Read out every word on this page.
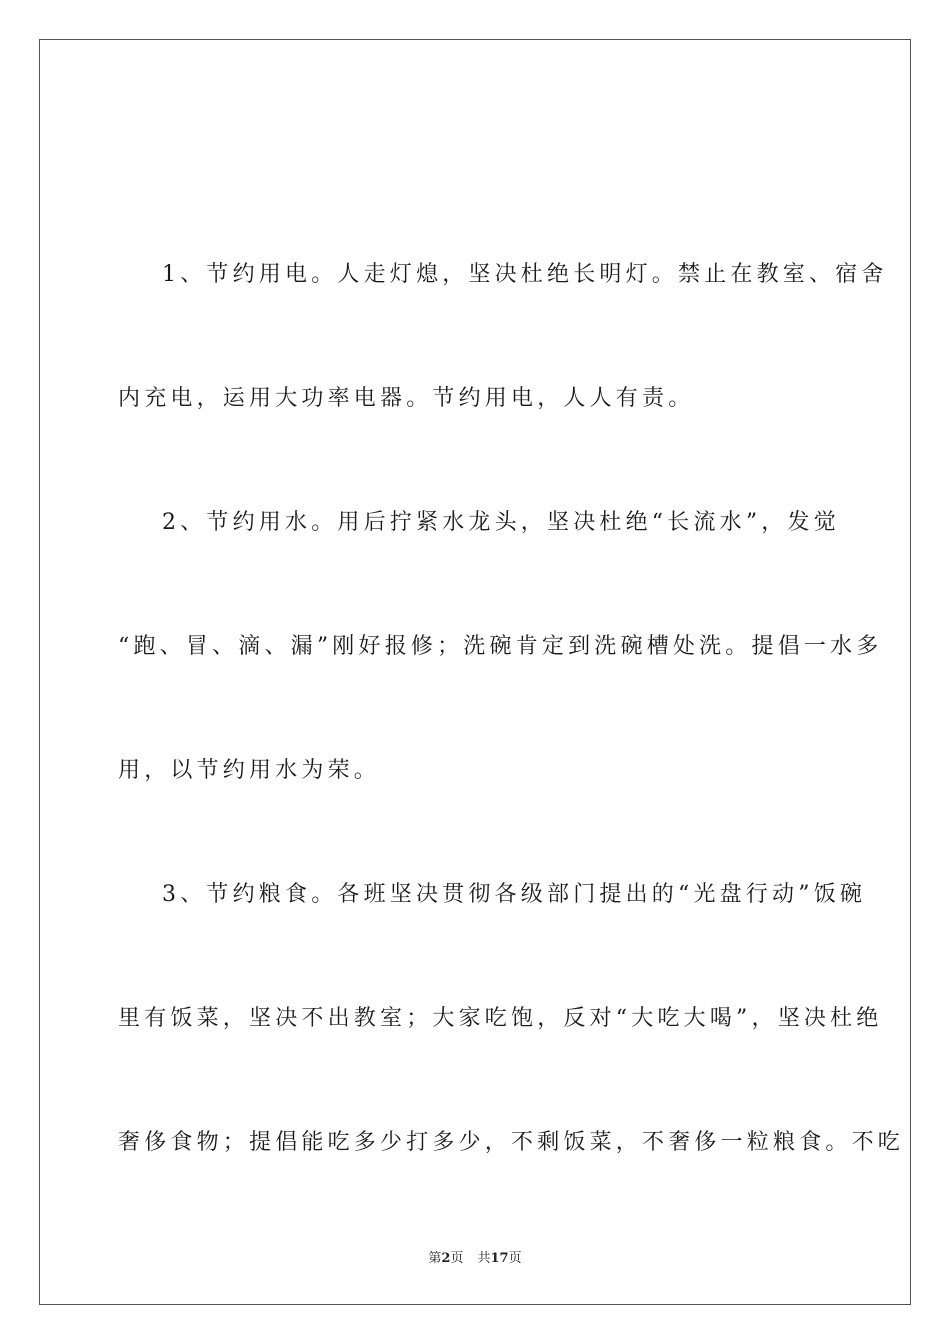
1、节约用电。人走灯熄，坚决杜绝长明灯。禁止在教室、宿舍
内充电，运用大功率电器。节约用电，人人有责。
2、节约用水。用后拧紧水龙头，坚决杜绝“长流水”，发觉
“跑、冒、滴、漏”刚好报修；洗碗肯定到洗碗槽处洗。提倡一水多
用，以节约用水为荣。
3、节约粮食。各班坚决贯彻各级部门提出的“光盘行动”饭碗
里有饭菜，坚决不出教室；大家吃饱，反对“大吃大喝”，坚决杜绝
奢侈食物；提倡能吃多少打多少，不剩饭菜，不奢侈一粒粮食。不吃
第2页 共17页
